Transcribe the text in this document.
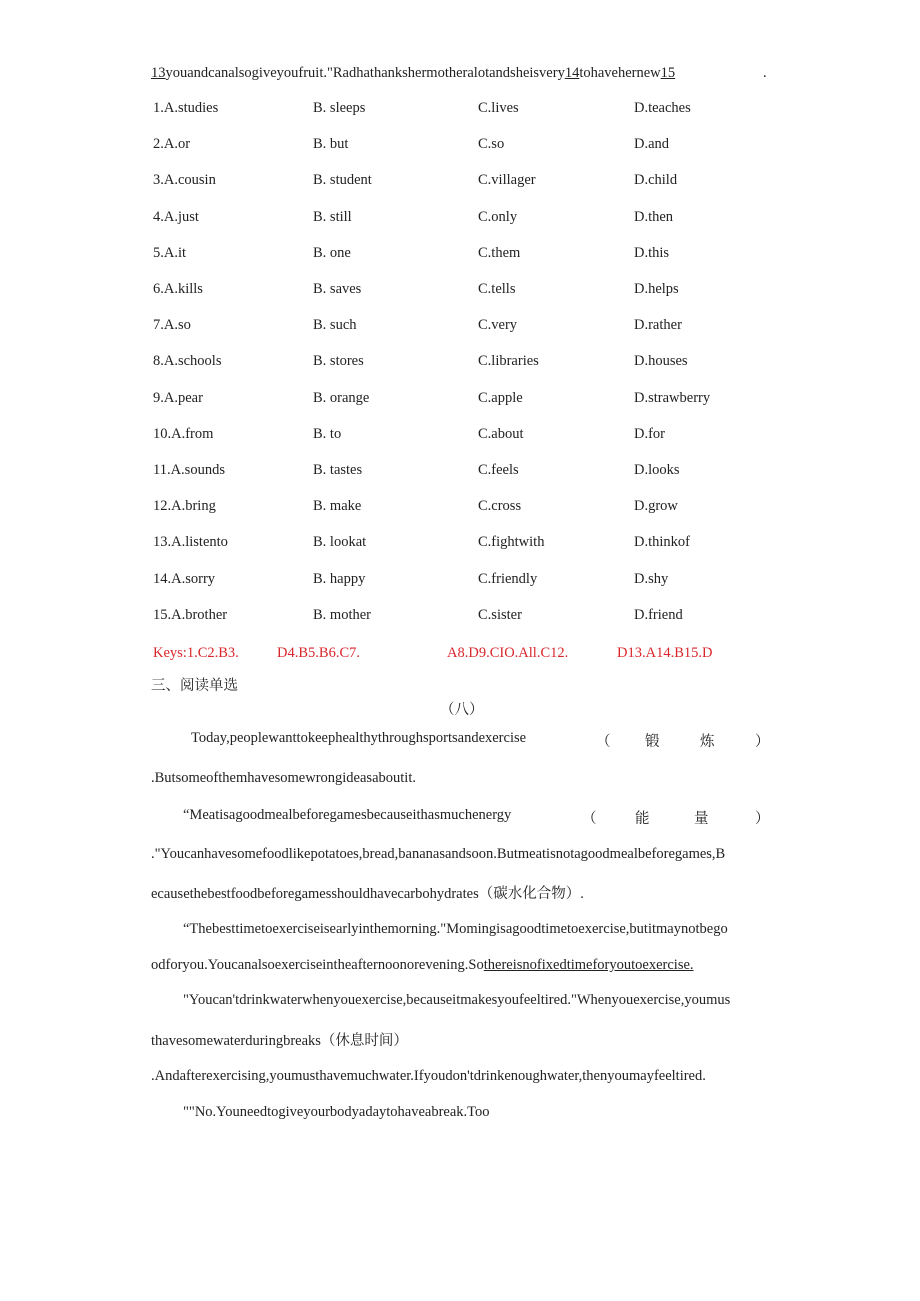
13youandcanalsogiveyoufruit."Radhathankshermotheralotandsheisvery14tohavehernew15	.
1.A.studies	B. sleeps	C.lives	D.teaches
2.A.or	B. but	C.so	D.and
3.A.cousin	B. student	C.villager	D.child
4.A.just	B. still	C.only	D.then
5.A.it	B. one	C.them	D.this
6.A.kills	B. saves	C.tells	D.helps
7.A.so	B. such	C.very	D.rather
8.A.schools	B. stores	C.libraries	D.houses
9.A.pear	B. orange	C.apple	D.strawberry
10.A.from	B. to	C.about	D.for
11.A.sounds	B. tastes	C.feels	D.looks
12.A.bring	B. make	C.cross	D.grow
13.A.listento	B. lookat	C.fightwith	D.thinkof
14.A.sorry	B. happy	C.friendly	D.shy
15.A.brother	B. mother	C.sister	D.friend
Keys:1.C2.B3.	D4.B5.B6.C7.	A8.D9.CIO.All.C12.	D13.A14.B15.D
三、阅读单选
（八）
Today,peoplewanttokeephealthythroughsportsandexercise	（ 锻	炼	）
.Butsomeofthemhavesomewrongideasaboutit.
“Meatisagoodmealbeforegamesbecauseithasmuchenergy	（	能	量	）
."Youcanhavesomefoodlikepotatoes,bread,bananasandsoon.Butmeatisnotagoodmealbeforegames,B
ecausethebestfoodbeforegamesshouldhavecarbohydrates（碳水化合物）.
“Thebesttimetoexerciseisearlyinthemorning."Momingisagoodtimetoexercise,butitmaynotbego
odforyou.Youcanalsoexerciseintheafternoonorevening.Sothereisnofixedtimeforyoutoexercise.
"Youcan'tdrinkwaterwhenyouexercise,becauseitmakesyoufeeltired."Whenyouexercise,youmus
thavesomewaterduringbreaks（休息时间）
.Andafterexercising,youmusthavemuchwater.Ifyoudon'tdrinkenoughwater,thenyoumayfeeltired.
""No.Youneedtogiveyourbodyadaytohaveabreak.Too
